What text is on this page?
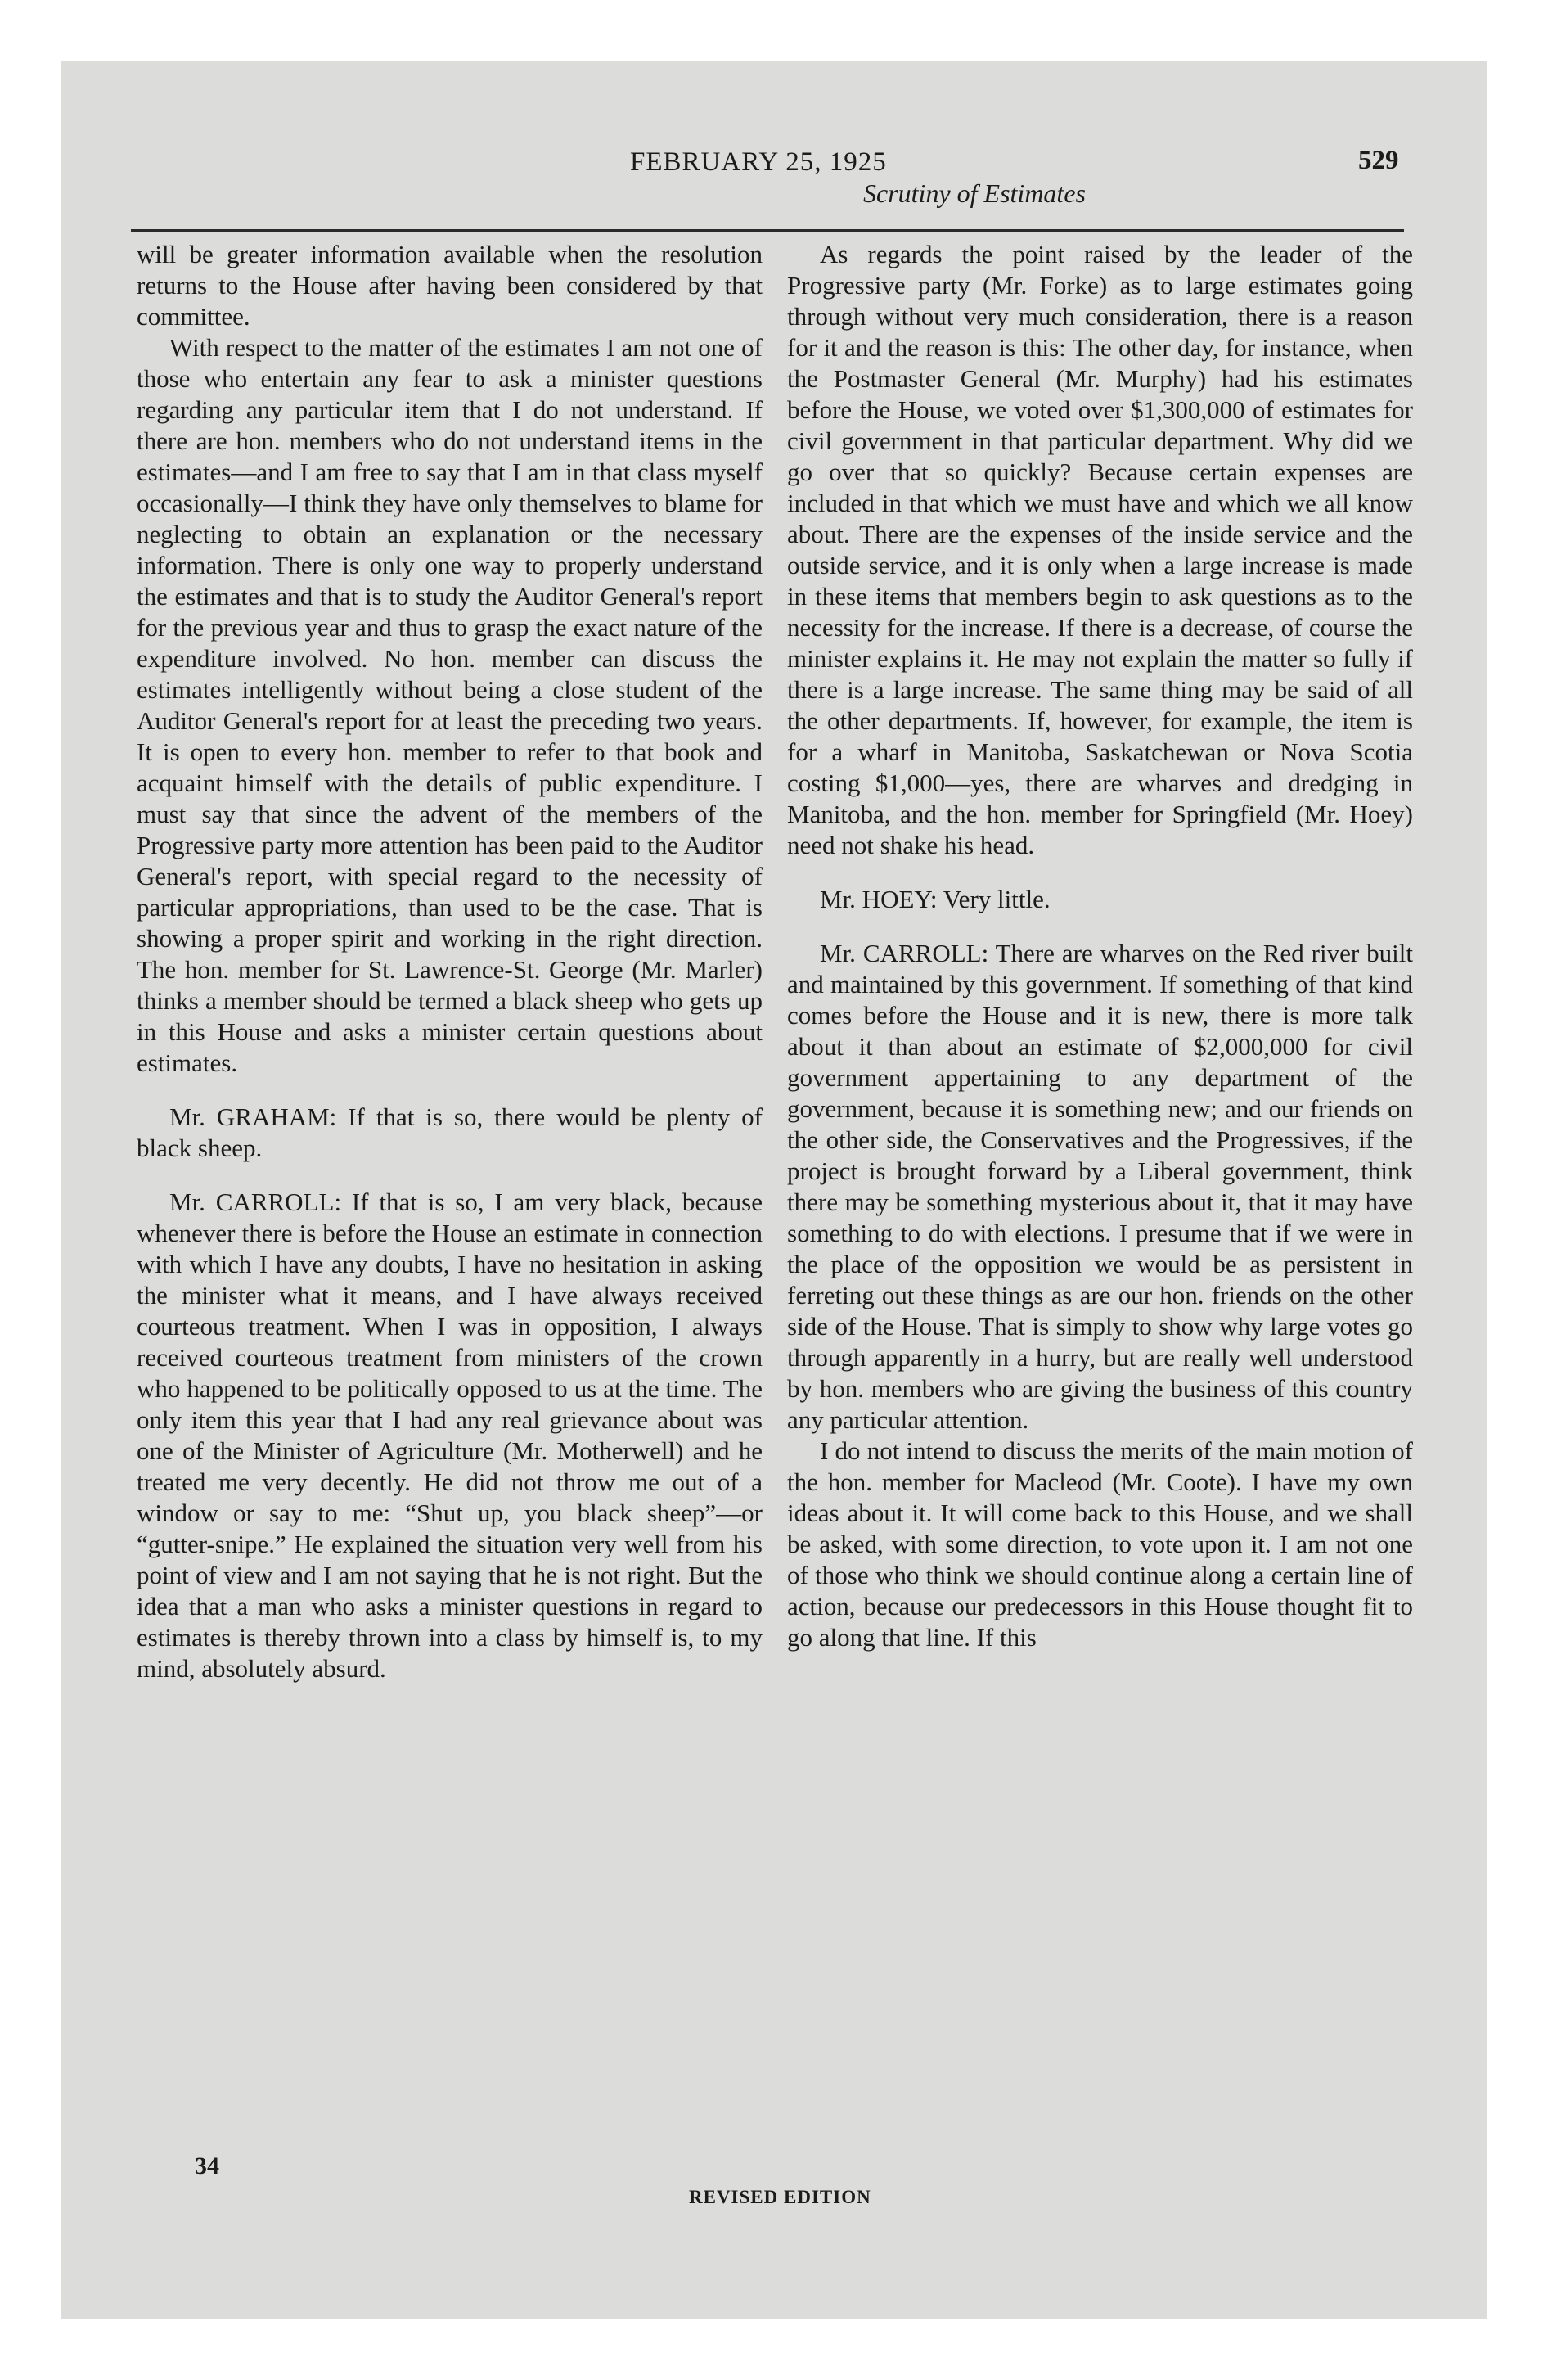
FEBRUARY 25, 1925
Scrutiny of Estimates
529

will be greater information available when the resolution returns to the House after having been considered by that committee.

With respect to the matter of the estimates I am not one of those who entertain any fear to ask a minister questions regarding any particular item that I do not understand. If there are hon. members who do not understand items in the estimates—and I am free to say that I am in that class myself occasionally—I think they have only themselves to blame for neglecting to obtain an explanation or the necessary information. There is only one way to properly understand the estimates and that is to study the Auditor General's report for the previous year and thus to grasp the exact nature of the expenditure involved. No hon. member can discuss the estimates intelligently without being a close student of the Auditor General's report for at least the preceding two years. It is open to every hon. member to refer to that book and acquaint himself with the details of public expenditure. I must say that since the advent of the members of the Progressive party more attention has been paid to the Auditor General's report, with special regard to the necessity of particular appropriations, than used to be the case. That is showing a proper spirit and working in the right direction. The hon. member for St. Lawrence-St. George (Mr. Marler) thinks a member should be termed a black sheep who gets up in this House and asks a minister certain questions about estimates.

Mr. GRAHAM: If that is so, there would be plenty of black sheep.

Mr. CARROLL: If that is so, I am very black, because whenever there is before the House an estimate in connection with which I have any doubts, I have no hesitation in asking the minister what it means, and I have always received courteous treatment. When I was in opposition, I always received courteous treatment from ministers of the crown who happened to be politically opposed to us at the time. The only item this year that I had any real grievance about was one of the Minister of Agriculture (Mr. Motherwell) and he treated me very decently. He did not throw me out of a window or say to me: “Shut up, you black sheep”—or “gutter-snipe.” He explained the situation very well from his point of view and I am not saying that he is not right. But the idea that a man who asks a minister questions in regard to estimates is thereby thrown into a class by himself is, to my mind, absolutely absurd.

As regards the point raised by the leader of the Progressive party (Mr. Forke) as to large estimates going through without very much consideration, there is a reason for it and the reason is this: The other day, for instance, when the Postmaster General (Mr. Murphy) had his estimates before the House, we voted over $1,300,000 of estimates for civil government in that particular department. Why did we go over that so quickly? Because certain expenses are included in that which we must have and which we all know about. There are the expenses of the inside service and the outside service, and it is only when a large increase is made in these items that members begin to ask questions as to the necessity for the increase. If there is a decrease, of course the minister explains it. He may not explain the matter so fully if there is a large increase. The same thing may be said of all the other departments. If, however, for example, the item is for a wharf in Manitoba, Saskatchewan or Nova Scotia costing $1,000—yes, there are wharves and dredging in Manitoba, and the hon. member for Springfield (Mr. Hoey) need not shake his head.

Mr. HOEY: Very little.

Mr. CARROLL: There are wharves on the Red river built and maintained by this government. If something of that kind comes before the House and it is new, there is more talk about it than about an estimate of $2,000,000 for civil government appertaining to any department of the government, because it is something new; and our friends on the other side, the Conservatives and the Progressives, if the project is brought forward by a Liberal government, think there may be something mysterious about it, that it may have something to do with elections. I presume that if we were in the place of the opposition we would be as persistent in ferreting out these things as are our hon. friends on the other side of the House. That is simply to show why large votes go through apparently in a hurry, but are really well understood by hon. members who are giving the business of this country any particular attention.

I do not intend to discuss the merits of the main motion of the hon. member for Macleod (Mr. Coote). I have my own ideas about it. It will come back to this House, and we shall be asked, with some direction, to vote upon it. I am not one of those who think we should continue along a certain line of action, because our predecessors in this House thought fit to go along that line. If this

34
REVISED EDITION
